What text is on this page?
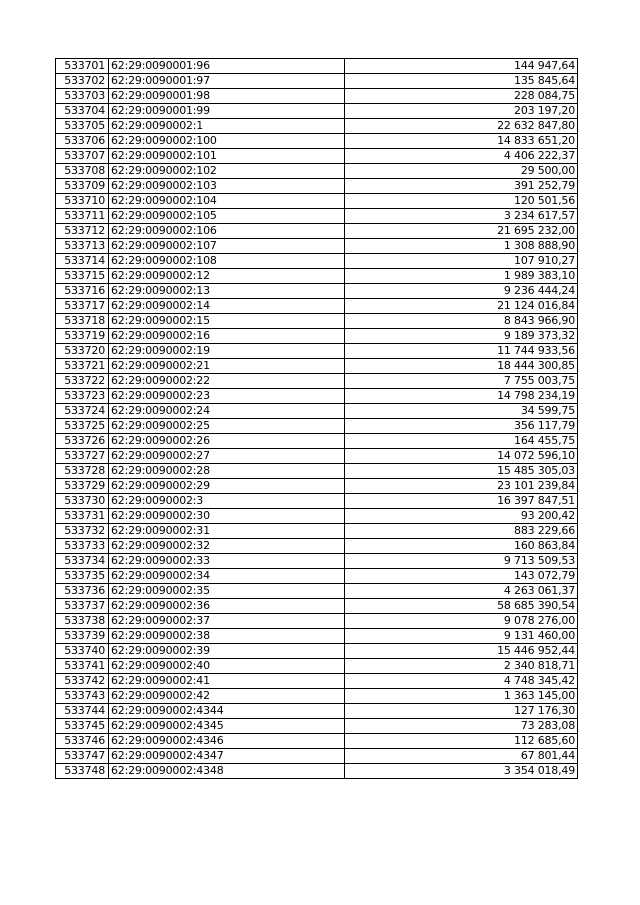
533701	62:29:0090001:96	144 947,64
533702	62:29:0090001:97	135 845,64
533703	62:29:0090001:98	228 084,75
533704	62:29:0090001:99	203 197,20
533705	62:29:0090002:1	22 632 847,80
533706	62:29:0090002:100	14 833 651,20
533707	62:29:0090002:101	4 406 222,37
533708	62:29:0090002:102	29 500,00
533709	62:29:0090002:103	391 252,79
533710	62:29:0090002:104	120 501,56
533711	62:29:0090002:105	3 234 617,57
533712	62:29:0090002:106	21 695 232,00
533713	62:29:0090002:107	1 308 888,90
533714	62:29:0090002:108	107 910,27
533715	62:29:0090002:12	1 989 383,10
533716	62:29:0090002:13	9 236 444,24
533717	62:29:0090002:14	21 124 016,84
533718	62:29:0090002:15	8 843 966,90
533719	62:29:0090002:16	9 189 373,32
533720	62:29:0090002:19	11 744 933,56
533721	62:29:0090002:21	18 444 300,85
533722	62:29:0090002:22	7 755 003,75
533723	62:29:0090002:23	14 798 234,19
533724	62:29:0090002:24	34 599,75
533725	62:29:0090002:25	356 117,79
533726	62:29:0090002:26	164 455,75
533727	62:29:0090002:27	14 072 596,10
533728	62:29:0090002:28	15 485 305,03
533729	62:29:0090002:29	23 101 239,84
533730	62:29:0090002:3	16 397 847,51
533731	62:29:0090002:30	93 200,42
533732	62:29:0090002:31	883 229,66
533733	62:29:0090002:32	160 863,84
533734	62:29:0090002:33	9 713 509,53
533735	62:29:0090002:34	143 072,79
533736	62:29:0090002:35	4 263 061,37
533737	62:29:0090002:36	58 685 390,54
533738	62:29:0090002:37	9 078 276,00
533739	62:29:0090002:38	9 131 460,00
533740	62:29:0090002:39	15 446 952,44
533741	62:29:0090002:40	2 340 818,71
533742	62:29:0090002:41	4 748 345,42
533743	62:29:0090002:42	1 363 145,00
533744	62:29:0090002:4344	127 176,30
533745	62:29:0090002:4345	73 283,08
533746	62:29:0090002:4346	112 685,60
533747	62:29:0090002:4347	67 801,44
533748	62:29:0090002:4348	3 354 018,49
